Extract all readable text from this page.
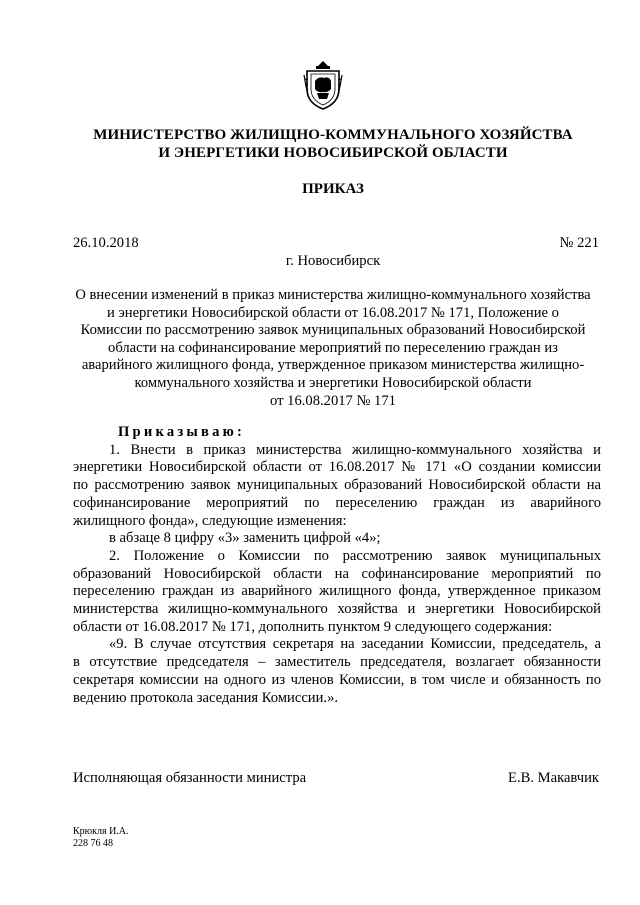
МИНИСТЕРСТВО ЖИЛИЩНО-КОММУНАЛЬНОГО ХОЗЯЙСТВА
И ЭНЕРГЕТИКИ НОВОСИБИРСКОЙ ОБЛАСТИ
ПРИКАЗ
26.10.2018	№ 221
г. Новосибирск
О внесении изменений в приказ министерства жилищно-коммунального хозяйства
и энергетики Новосибирской области от 16.08.2017 № 171, Положение о
Комиссии по рассмотрению заявок муниципальных образований Новосибирской
области на софинансирование мероприятий по переселению граждан из
аварийного жилищного фонда, утвержденное приказом министерства жилищно-
коммунального хозяйства и энергетики Новосибирской области
от 16.08.2017 № 171
Приказываю:
1. Внести в приказ министерства жилищно-коммунального хозяйства и
энергетики Новосибирской области от 16.08.2017 № 171 «О создании комиссии
по рассмотрению заявок муниципальных образований Новосибирской области на
софинансирование мероприятий по переселению граждан из аварийного
жилищного фонда», следующие изменения:
в абзаце 8 цифру «3» заменить цифрой «4»;
2. Положение о Комиссии по рассмотрению заявок муниципальных
образований Новосибирской области на софинансирование мероприятий по
переселению граждан из аварийного жилищного фонда, утвержденное приказом
министерства жилищно-коммунального хозяйства и энергетики Новосибирской
области от 16.08.2017 № 171, дополнить пунктом 9 следующего содержания:
«9. В случае отсутствия секретаря на заседании Комиссии, председатель, а
в отсутствие председателя – заместитель председателя, возлагает обязанности
секретаря комиссии на одного из членов Комиссии, в том числе и обязанность по
ведению протокола заседания Комиссии.».
Исполняющая обязанности министра	Е.В. Макавчик
Крюкля И.А.
228 76 48
